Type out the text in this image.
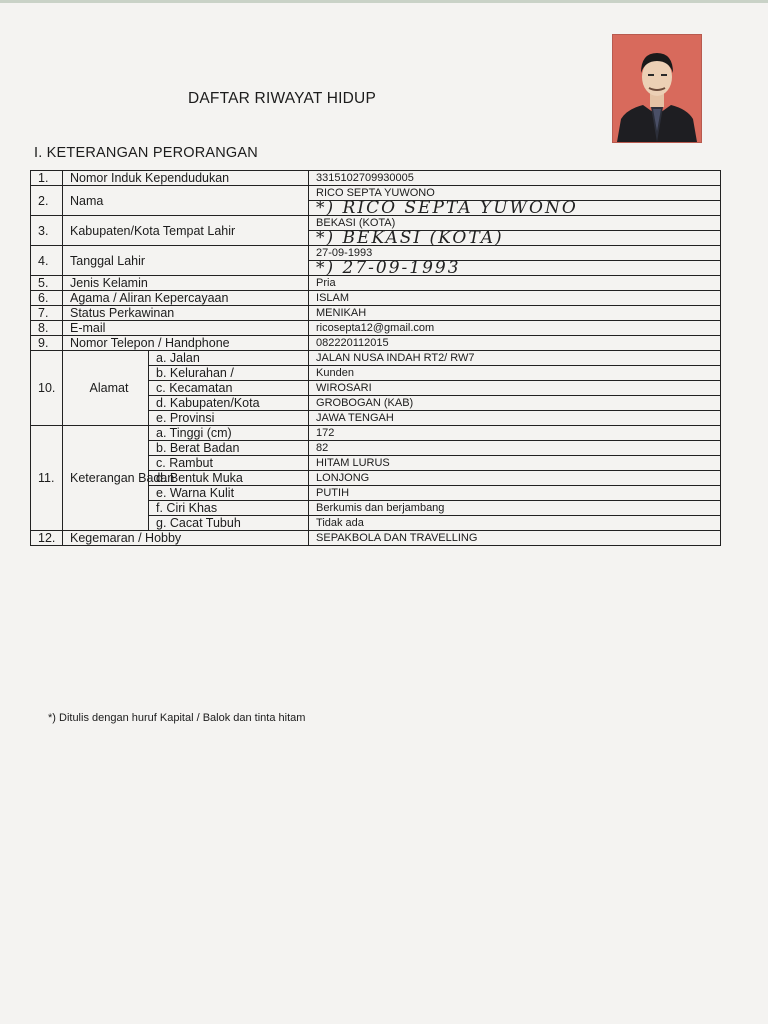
DAFTAR RIWAYAT HIDUP
I. KETERANGAN PERORANGAN
1.	Nomor Induk Kependudukan		3315102709930005
2.	Nama		RICO SEPTA YUWONO
			*) RICO SEPTA YUWONO
3.	Kabupaten/Kota Tempat Lahir		BEKASI (KOTA)
			*) BEKASI (KOTA)
4.	Tanggal Lahir		27-09-1993
			*) 27-09-1993
5.	Jenis Kelamin		Pria
6.	Agama / Aliran Kepercayaan		ISLAM
7.	Status Perkawinan		MENIKAH
8.	E-mail		ricosepta12@gmail.com
9.	Nomor Telepon / Handphone		082220112015
10.	Alamat	a. Jalan	JALAN NUSA INDAH RT2/ RW7
		b. Kelurahan /	Kunden
		c. Kecamatan	WIROSARI
		d. Kabupaten/Kota	GROBOGAN (KAB)
		e. Provinsi	JAWA TENGAH
11.	Keterangan Badan	a. Tinggi (cm)	172
		b. Berat Badan	82
		c. Rambut	HITAM LURUS
		d. Bentuk Muka	LONJONG
		e. Warna Kulit	PUTIH
		f. Ciri Khas	Berkumis dan berjambang
		g. Cacat Tubuh	Tidak ada
12.	Kegemaran / Hobby		SEPAKBOLA DAN TRAVELLING
*) Ditulis dengan huruf Kapital / Balok dan tinta hitam
